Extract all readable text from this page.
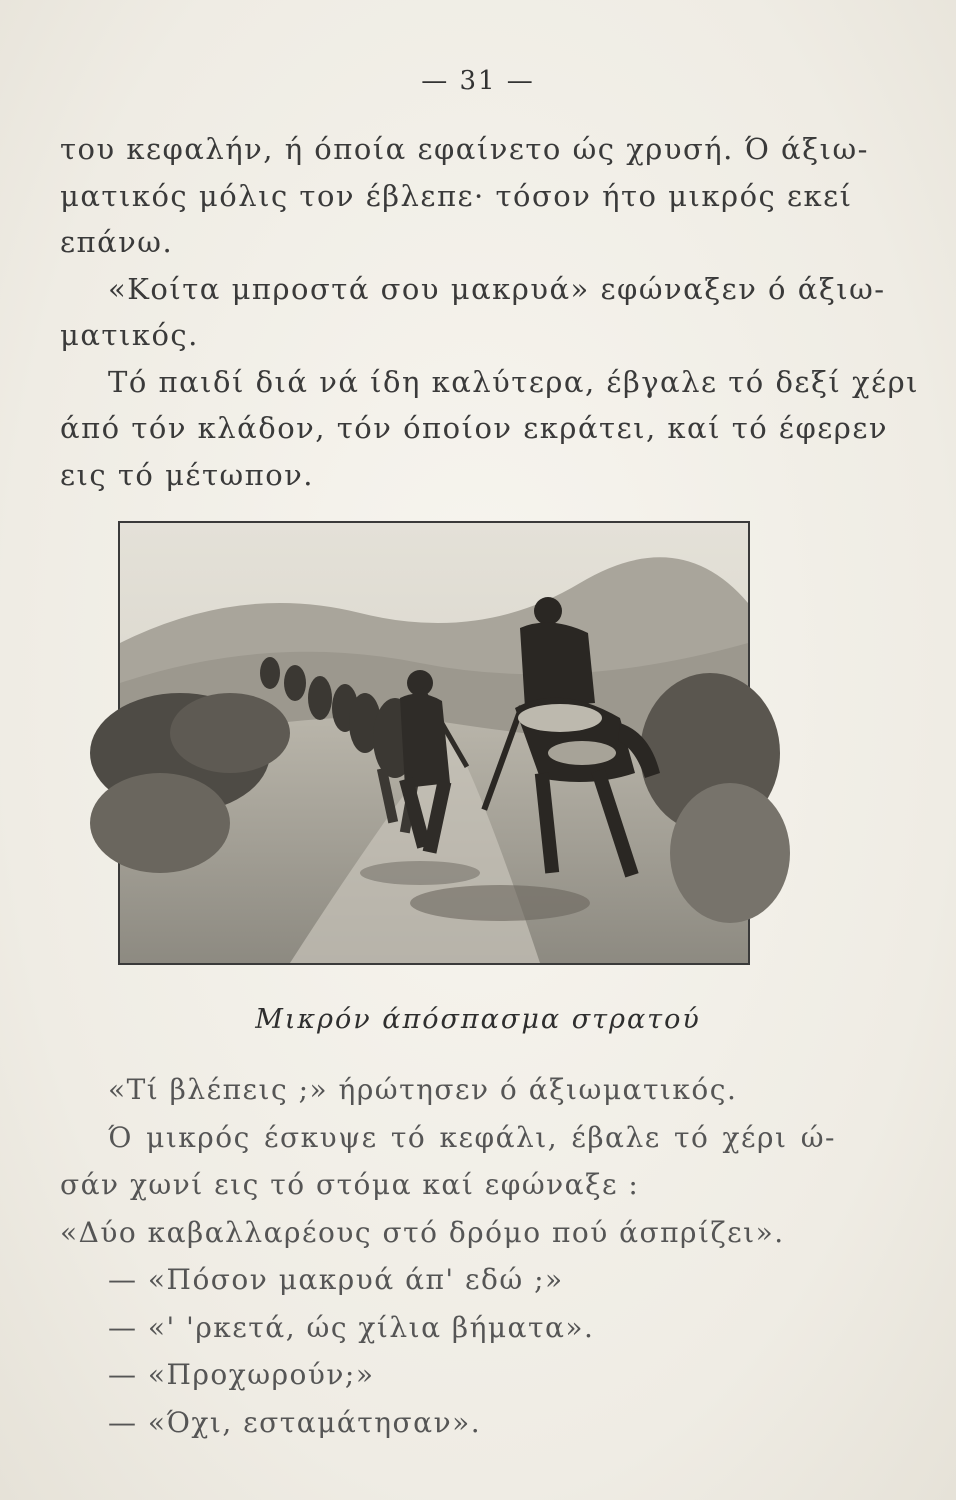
— 31 —
του κεφαλήν, ή όποία εφαίνετο ώς χρυσή. Ό άξιω-
ματικός μόλις τον έβλεπε· τόσον ήτο μικρός εκεί
επάνω.
«Κοίτα μπροστά σου μακρυά» εφώναξεν ό άξιω-
ματικός.
Τό παιδί διά νά ίδη καλύτερα, έβγαλε τό δεξί χέρι
άπό τόν κλάδον, τόν όποίον εκράτει, καί τό έφερεν
εις τό μέτωπον.
Μικρόν άπόσπασμα στρατού
«Τί βλέπεις ;» ήρώτησεν ό άξιωματικός.
Ό μικρός έσκυψε τό κεφάλι, έβαλε τό χέρι ώ-
σάν χωνί εις τό στόμα καί εφώναξε :
«Δύο καβαλλαρέους στό δρόμο πού άσπρίζει».
— «Πόσον μακρυά άπ' εδώ ;»
— «' 'ρκετά, ώς χίλια βήματα».
— «Προχωρούν;»
— «Όχι, εσταμάτησαν».
